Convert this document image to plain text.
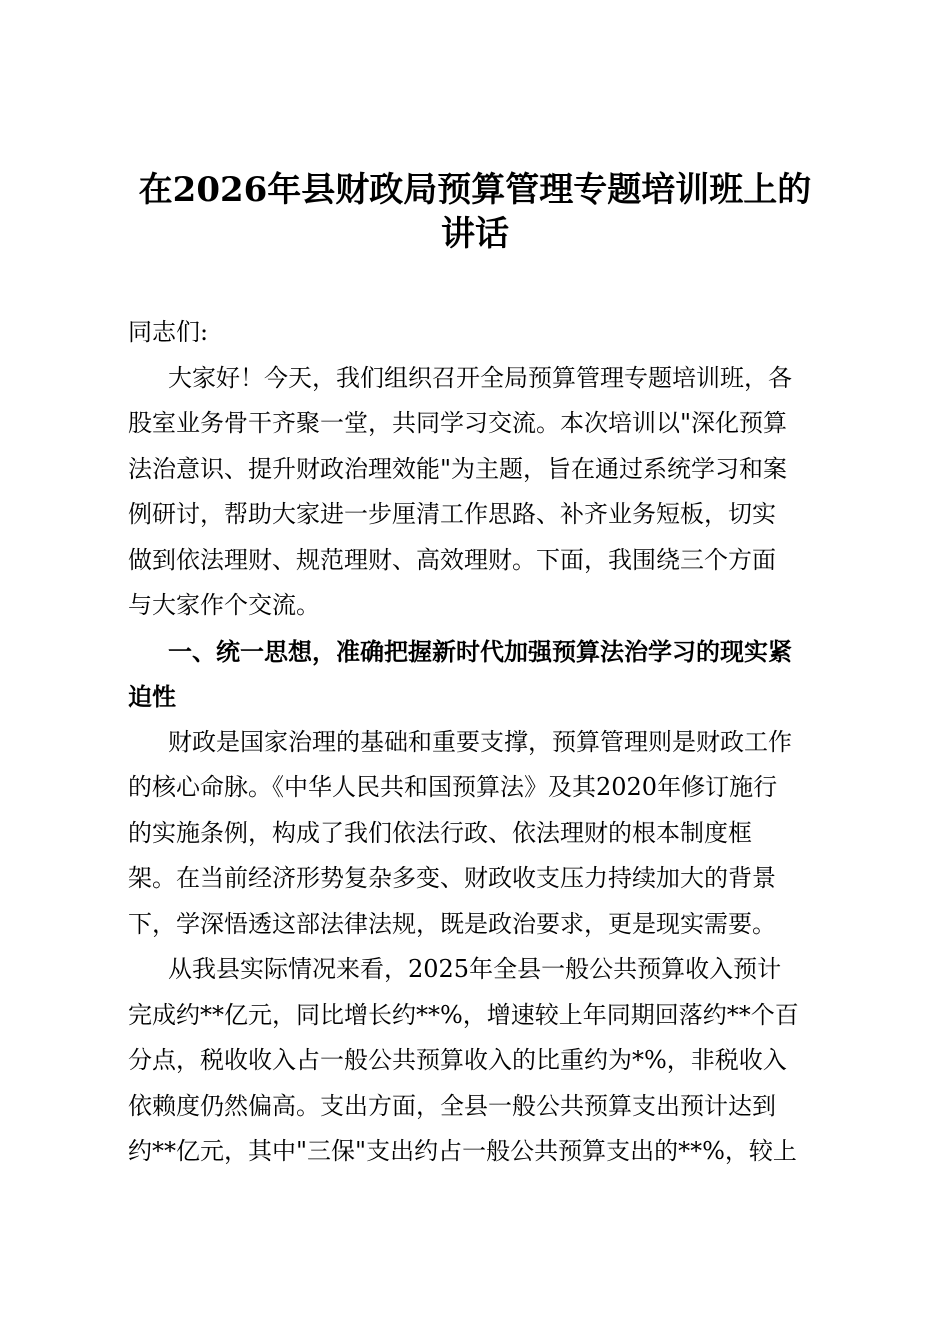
在2026年县财政局预算管理专题培训班上的
讲话

同志们:

大家好！今天，我们组织召开全局预算管理专题培训班，各
股室业务骨干齐聚一堂，共同学习交流。本次培训以"深化预算
法治意识、提升财政治理效能"为主题，旨在通过系统学习和案
例研讨，帮助大家进一步厘清工作思路、补齐业务短板，切实
做到依法理财、规范理财、高效理财。下面，我围绕三个方面
与大家作个交流。

一、统一思想，准确把握新时代加强预算法治学习的现实紧
迫性

财政是国家治理的基础和重要支撑，预算管理则是财政工作
的核心命脉。《中华人民共和国预算法》及其2020年修订施行
的实施条例，构成了我们依法行政、依法理财的根本制度框
架。在当前经济形势复杂多变、财政收支压力持续加大的背景
下，学深悟透这部法律法规，既是政治要求，更是现实需要。

从我县实际情况来看，2025年全县一般公共预算收入预计
完成约**亿元，同比增长约**%，增速较上年同期回落约**个百
分点，税收收入占一般公共预算收入的比重约为*%，非税收入
依赖度仍然偏高。支出方面，全县一般公共预算支出预计达到
约**亿元，其中"三保"支出约占一般公共预算支出的**%，较上
